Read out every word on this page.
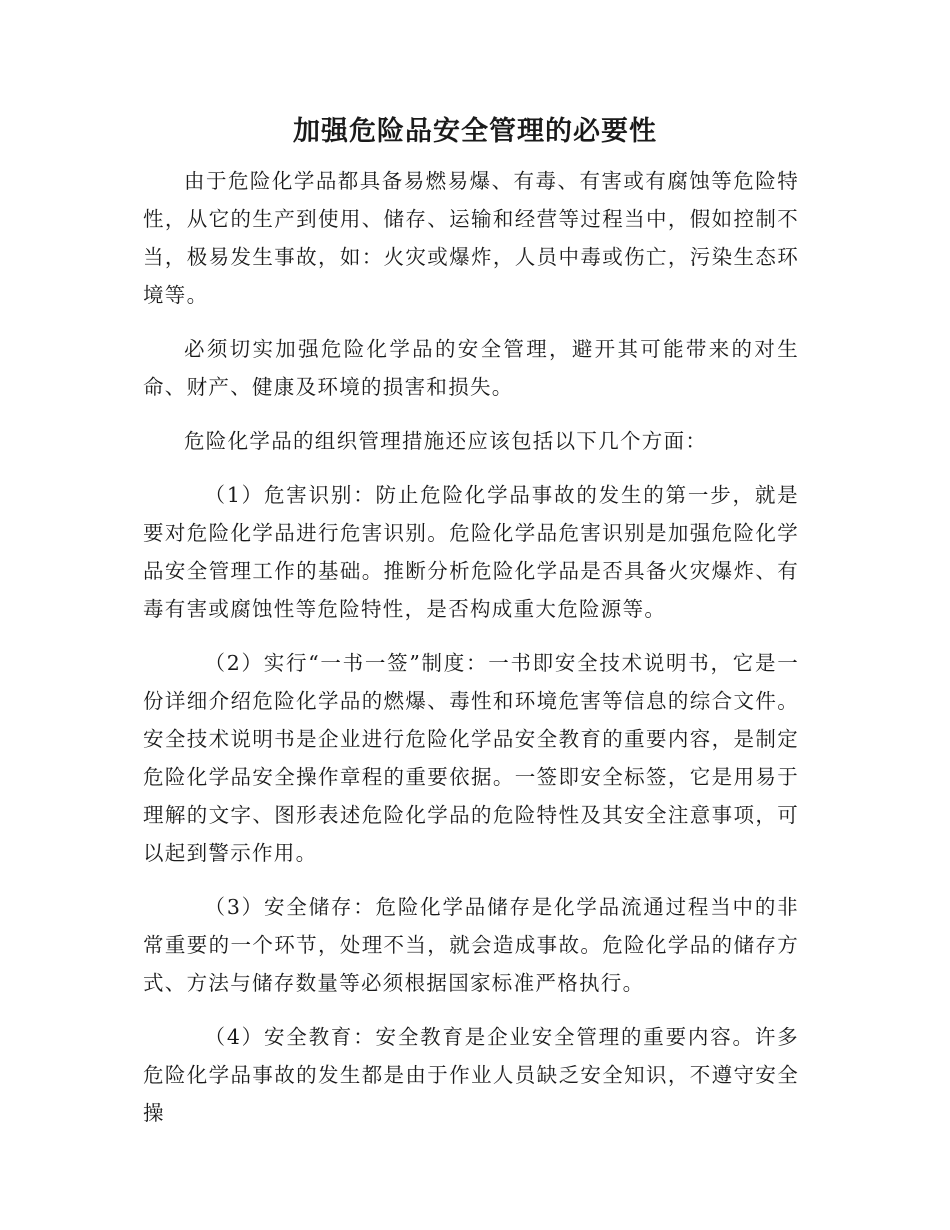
加强危险品安全管理的必要性

由于危险化学品都具备易燃易爆、有毒、有害或有腐蚀等危险特性，从它的生产到使用、储存、运输和经营等过程当中，假如控制不当，极易发生事故，如：火灾或爆炸，人员中毒或伤亡，污染生态环境等。

必须切实加强危险化学品的安全管理，避开其可能带来的对生命、财产、健康及环境的损害和损失。

危险化学品的组织管理措施还应该包括以下几个方面：

（1）危害识别：防止危险化学品事故的发生的第一步，就是要对危险化学品进行危害识别。危险化学品危害识别是加强危险化学品安全管理工作的基础。推断分析危险化学品是否具备火灾爆炸、有毒有害或腐蚀性等危险特性，是否构成重大危险源等。

（2）实行“一书一签”制度：一书即安全技术说明书，它是一份详细介绍危险化学品的燃爆、毒性和环境危害等信息的综合文件。安全技术说明书是企业进行危险化学品安全教育的重要内容，是制定危险化学品安全操作章程的重要依据。一签即安全标签，它是用易于理解的文字、图形表述危险化学品的危险特性及其安全注意事项，可以起到警示作用。

（3）安全储存：危险化学品储存是化学品流通过程当中的非常重要的一个环节，处理不当，就会造成事故。危险化学品的储存方式、方法与储存数量等必须根据国家标准严格执行。

（4）安全教育：安全教育是企业安全管理的重要内容。许多危险化学品事故的发生都是由于作业人员缺乏安全知识，不遵守安全操
